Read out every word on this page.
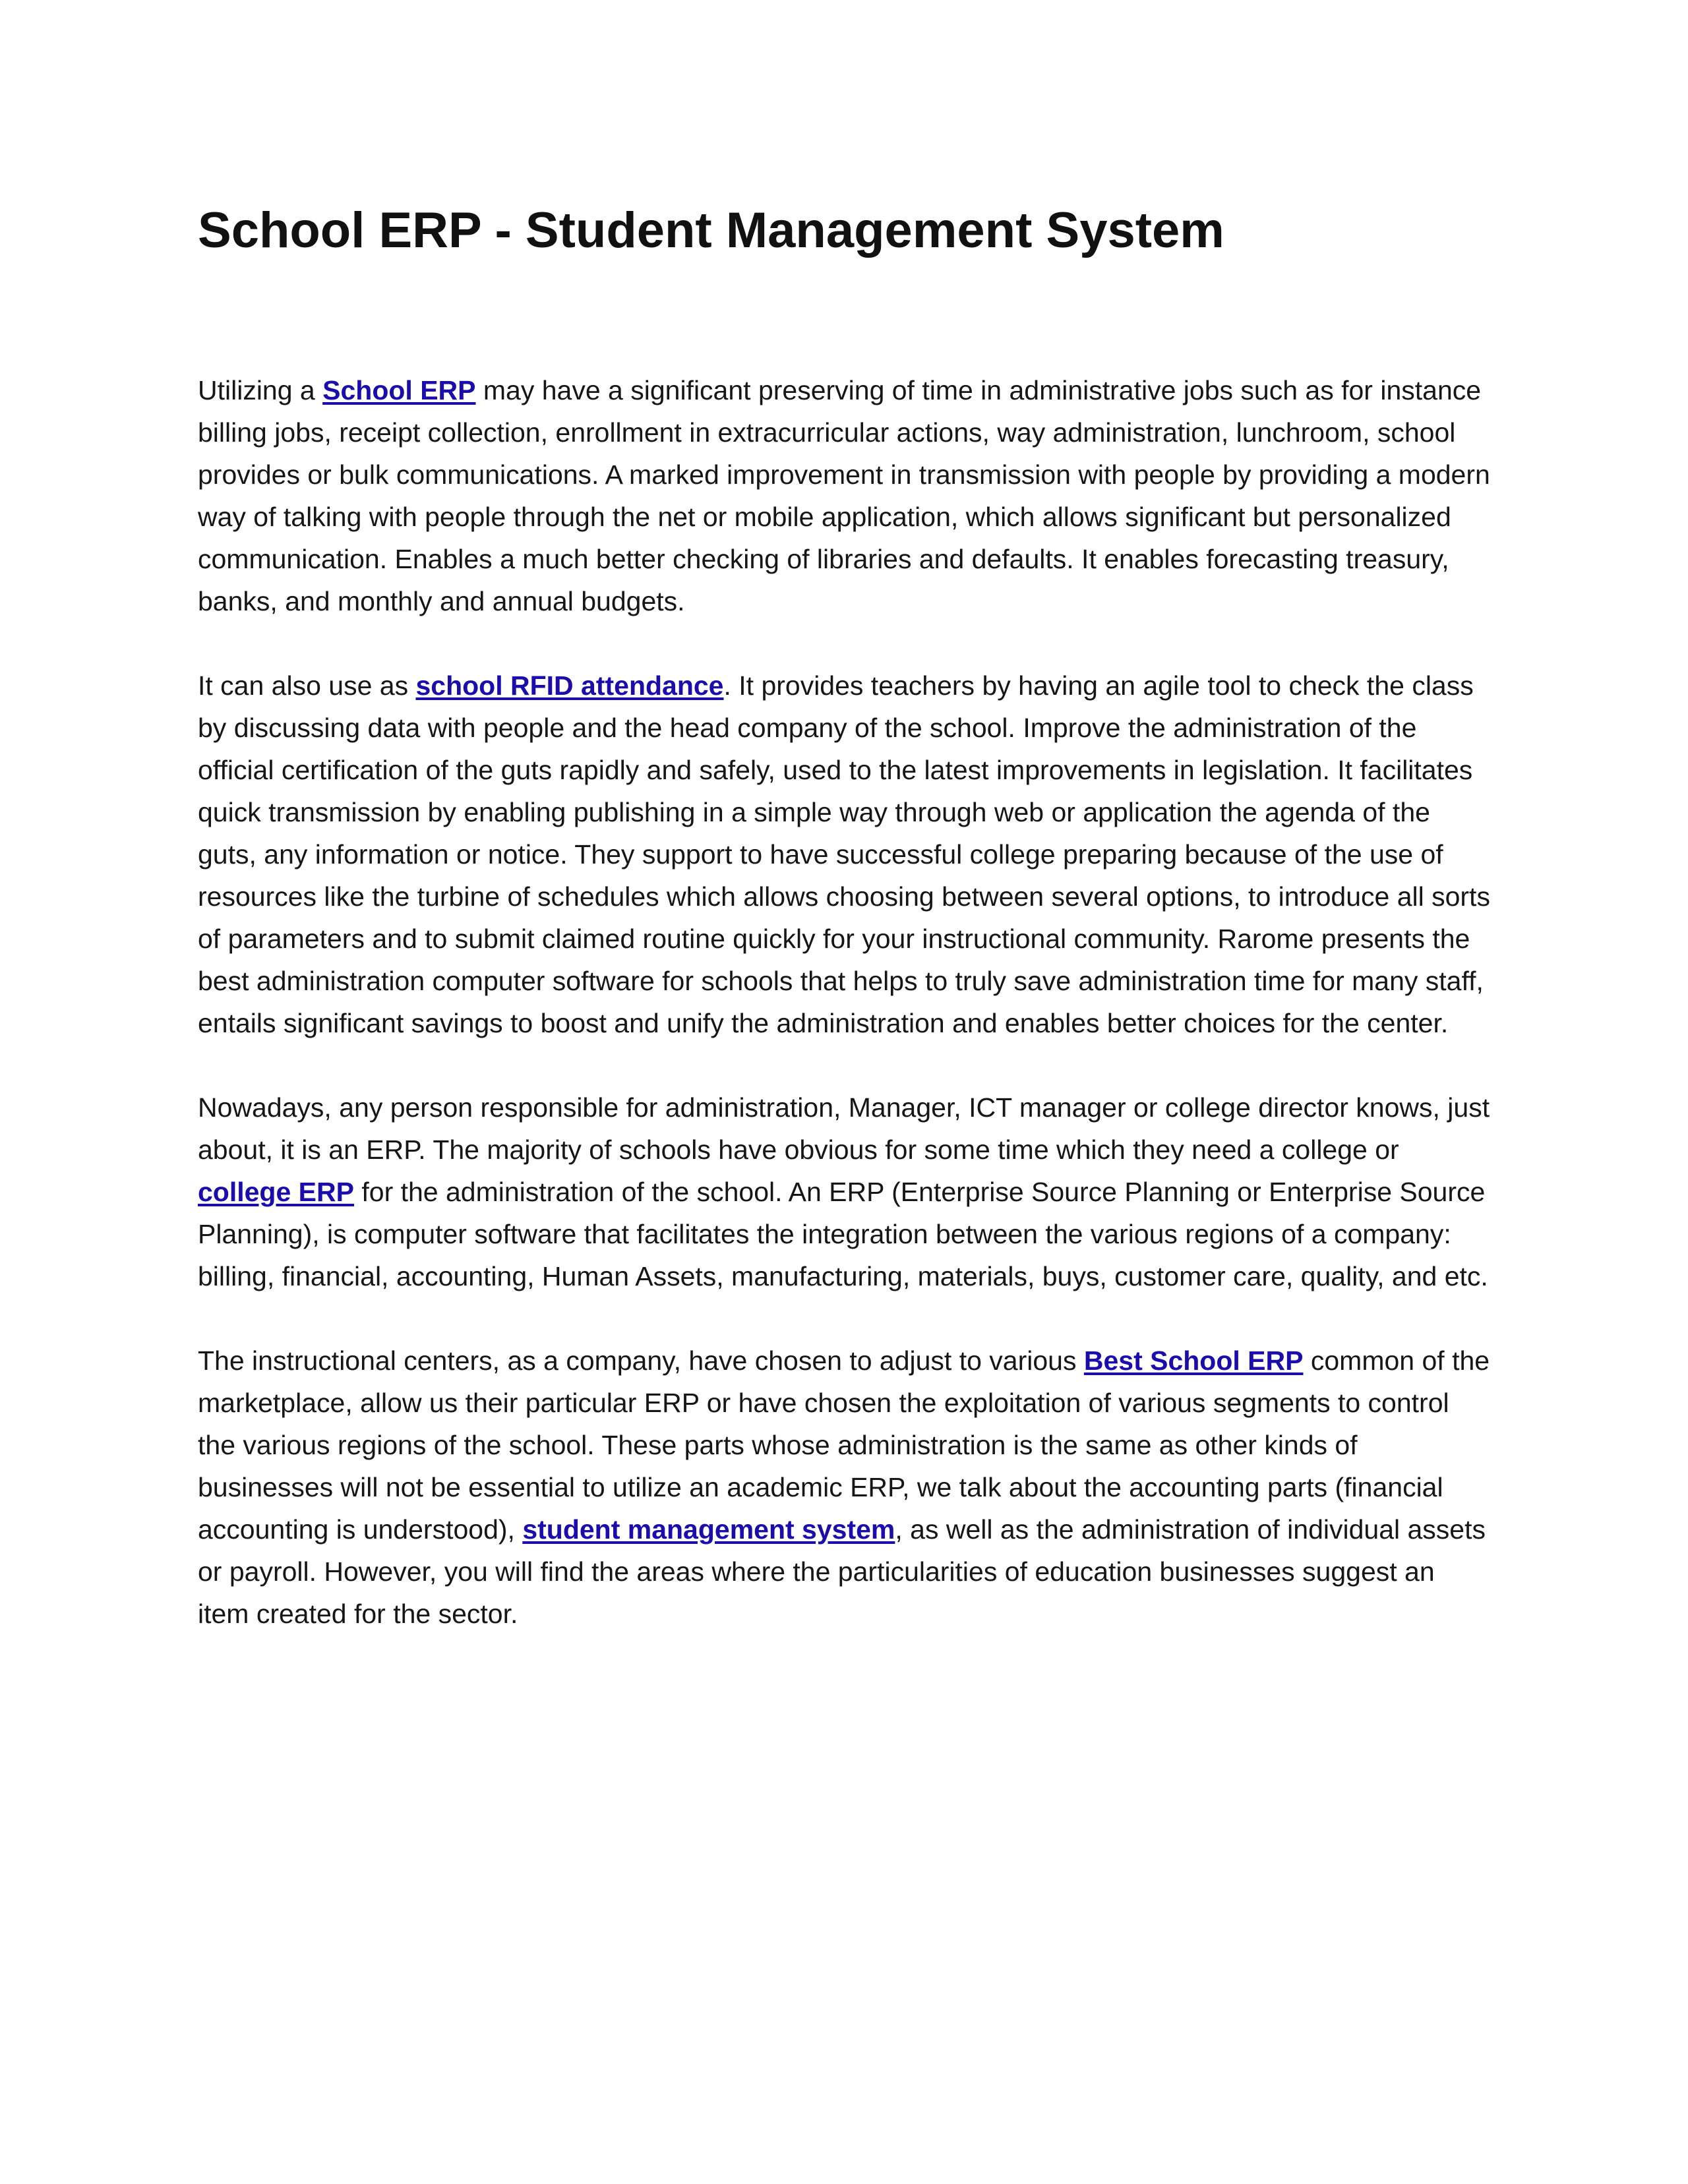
School ERP - Student Management System

Utilizing a School ERP may have a significant preserving of time in administrative jobs such as for instance billing jobs, receipt collection, enrollment in extracurricular actions, way administration, lunchroom, school provides or bulk communications. A marked improvement in transmission with people by providing a modern way of talking with people through the net or mobile application, which allows significant but personalized communication. Enables a much better checking of libraries and defaults. It enables forecasting treasury, banks, and monthly and annual budgets.

It can also use as school RFID attendance. It provides teachers by having an agile tool to check the class by discussing data with people and the head company of the school. Improve the administration of the official certification of the guts rapidly and safely, used to the latest improvements in legislation. It facilitates quick transmission by enabling publishing in a simple way through web or application the agenda of the guts, any information or notice. They support to have successful college preparing because of the use of resources like the turbine of schedules which allows choosing between several options, to introduce all sorts of parameters and to submit claimed routine quickly for your instructional community. Rarome presents the best administration computer software for schools that helps to truly save administration time for many staff, entails significant savings to boost and unify the administration and enables better choices for the center.

Nowadays, any person responsible for administration, Manager, ICT manager or college director knows, just about, it is an ERP. The majority of schools have obvious for some time which they need a college or college ERP for the administration of the school. An ERP (Enterprise Source Planning or Enterprise Source Planning), is computer software that facilitates the integration between the various regions of a company: billing, financial, accounting, Human Assets, manufacturing, materials, buys, customer care, quality, and etc.

The instructional centers, as a company, have chosen to adjust to various Best School ERP common of the marketplace, allow us their particular ERP or have chosen the exploitation of various segments to control the various regions of the school. These parts whose administration is the same as other kinds of businesses will not be essential to utilize an academic ERP, we talk about the accounting parts (financial accounting is understood), student management system, as well as the administration of individual assets or payroll. However, you will find the areas where the particularities of education businesses suggest an item created for the sector.
